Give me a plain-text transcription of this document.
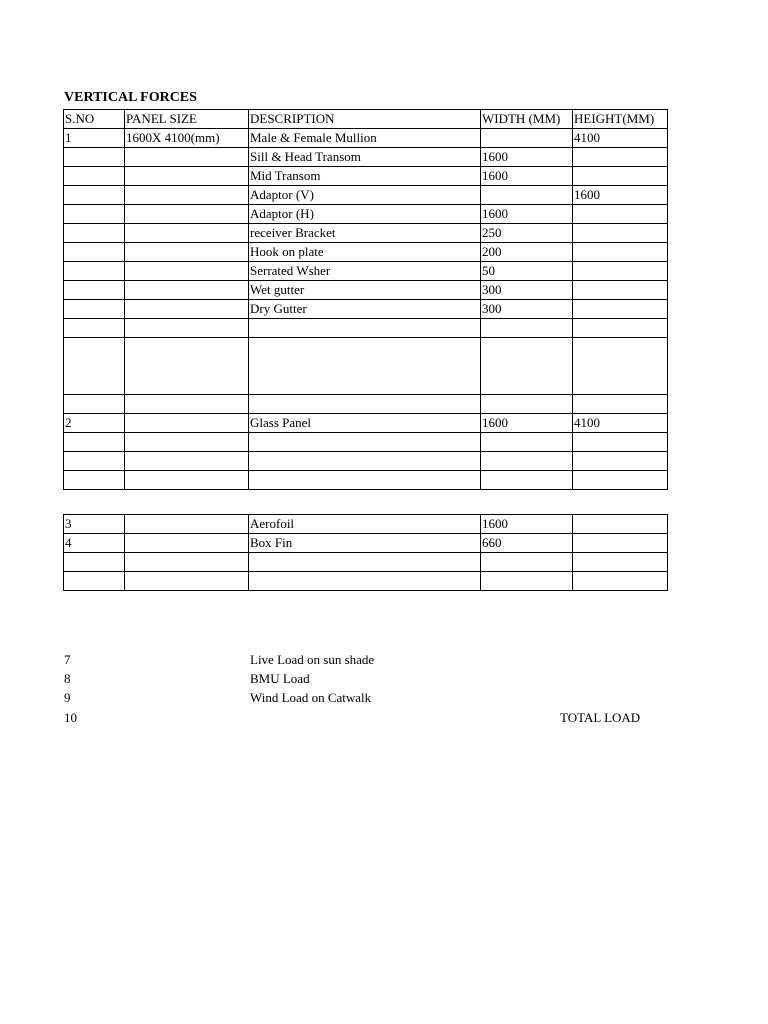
VERTICAL FORCES
S.NO	PANEL SIZE	DESCRIPTION	WIDTH (MM)	HEIGHT(MM)
1	1600X 4100(mm)	Male & Female Mullion		4100
		Sill & Head Transom	1600	
		Mid Transom	1600	
		Adaptor (V)		1600
		Adaptor (H)	1600	
		receiver Bracket	250	
		Hook on plate	200	
		Serrated Wsher	50	
		Wet gutter	300	
		Dry Gutter	300	

2		Glass Panel	1600	4100

3		Aerofoil	1600	
4		Box Fin	660	

7	Live Load on sun shade
8	BMU Load
9	Wind Load on Catwalk
10	TOTAL LOAD
